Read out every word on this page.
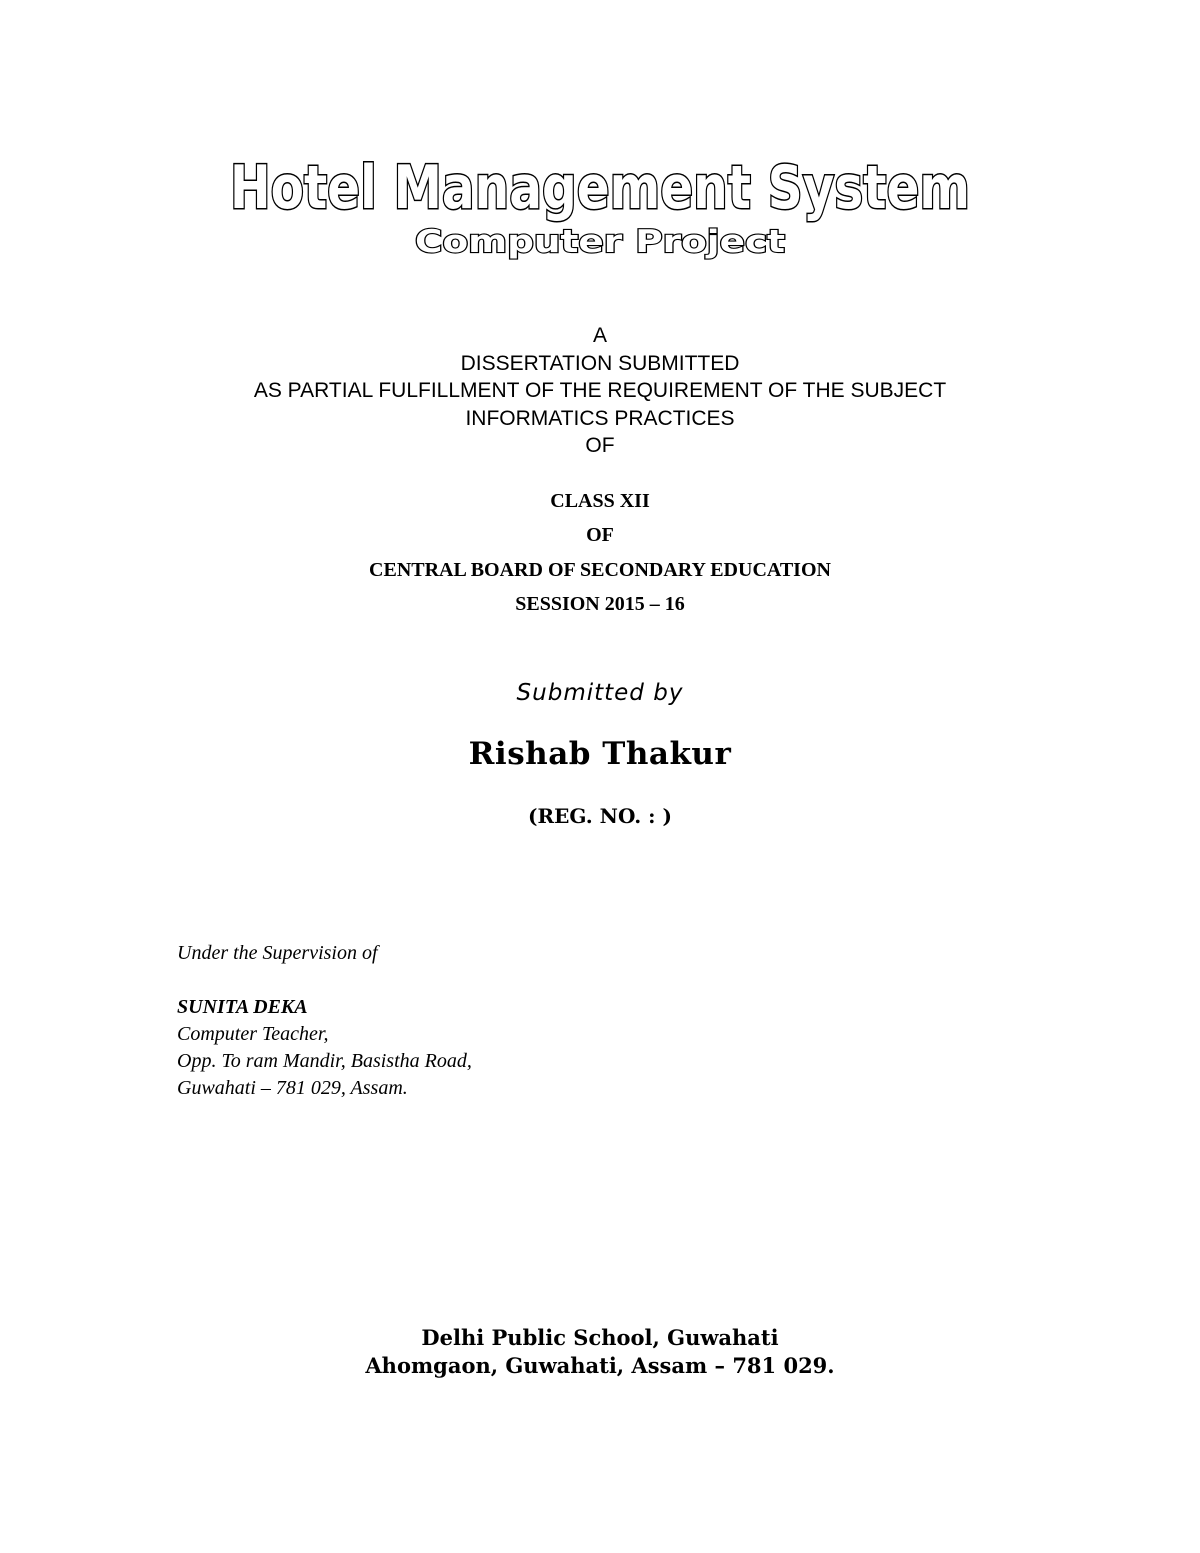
Hotel Management System
Computer Project
A
DISSERTATION SUBMITTED
AS PARTIAL FULFILLMENT OF THE REQUIREMENT OF THE SUBJECT
INFORMATICS PRACTICES
OF
CLASS XII
OF
CENTRAL BOARD OF SECONDARY EDUCATION
SESSION 2015 – 16
Submitted by
Rishab Thakur
(REG. NO. : )
Under the Supervision of
SUNITA DEKA
Computer Teacher,
Opp. To ram Mandir, Basistha Road,
Guwahati – 781 029, Assam.
Delhi Public School, Guwahati
Ahomgaon, Guwahati, Assam – 781 029.
